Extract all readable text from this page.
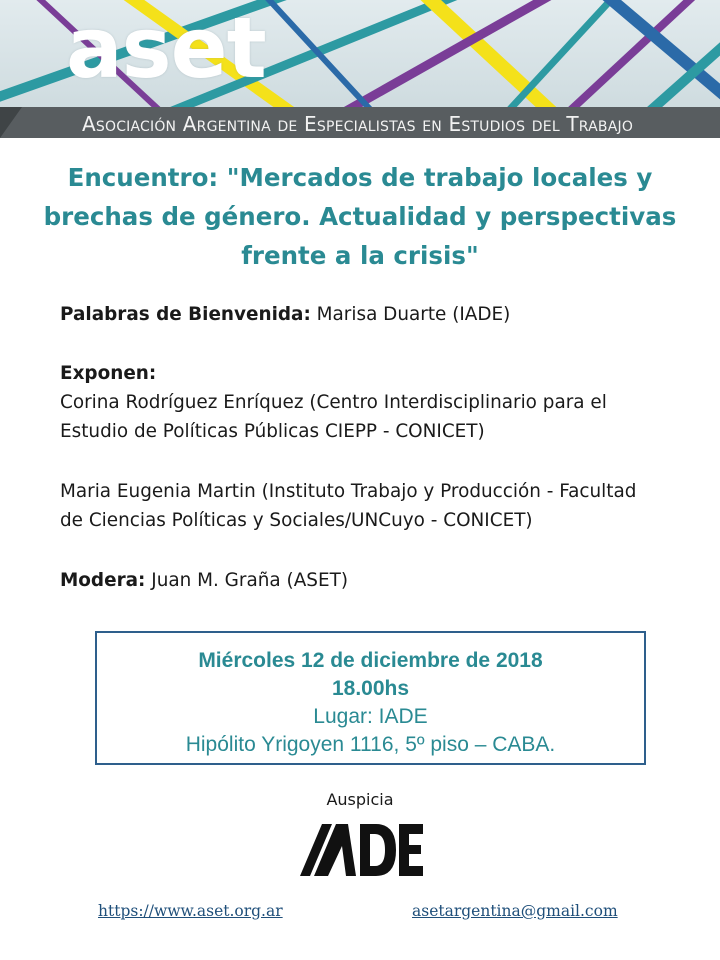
aset
Asociación Argentina de Especialistas en Estudios del Trabajo
Encuentro: "Mercados de trabajo locales y
brechas de género. Actualidad y perspectivas
frente a la crisis"

Palabras de Bienvenida: Marisa Duarte (IADE)

Exponen:

Corina Rodríguez Enríquez (Centro Interdisciplinario para el
Estudio de Políticas Públicas CIEPP - CONICET)

Maria Eugenia Martin (Instituto Trabajo y Producción - Facultad
de Ciencias Políticas y Sociales/UNCuyo - CONICET)

Modera: Juan M. Graña (ASET)

Miércoles 12 de diciembre de 2018
18.00hs
Lugar: IADE
Hipólito Yrigoyen 1116, 5º piso – CABA.
Auspicia
https://www.aset.org.ar	asetargentina@gmail.com
